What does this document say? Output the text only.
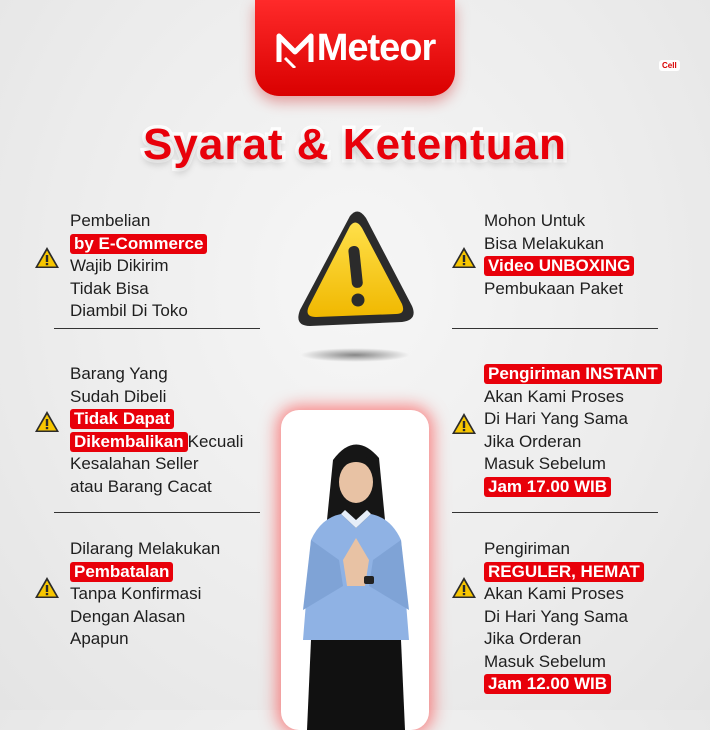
Meteor	Cell
Syarat & Ketentuan
Pembelian
by E-Commerce
Wajib Dikirim
Tidak Bisa
Diambil Di Toko
Barang Yang
Sudah Dibeli
Tidak Dapat
Dikembalikan Kecuali
Kesalahan Seller
atau Barang Cacat
Dilarang Melakukan
Pembatalan
Tanpa Konfirmasi
Dengan Alasan
Apapun
Mohon Untuk
Bisa Melakukan
Video UNBOXING
Pembukaan Paket
Pengiriman INSTANT
Akan Kami Proses
Di Hari Yang Sama
Jika Orderan
Masuk Sebelum
Jam 17.00 WIB
Pengiriman
REGULER, HEMAT
Akan Kami Proses
Di Hari Yang Sama
Jika Orderan
Masuk Sebelum
Jam 12.00 WIB
